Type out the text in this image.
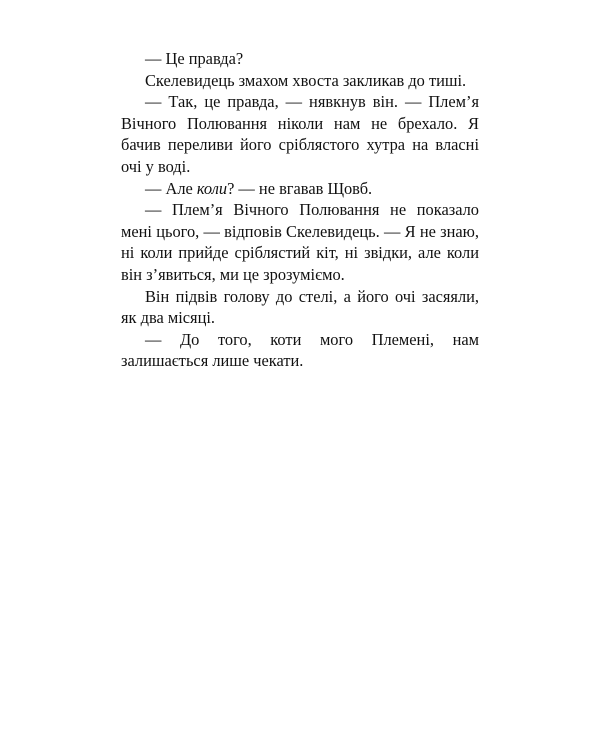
— Це правда?

Скелевидець змахом хвоста закликав до тиші.

— Так, це правда, — нявкнув він. — Плем’я Вічного Полювання ніколи нам не брехало. Я бачив переливи його сріблястого хутра на власні очі у воді.

— Але коли? — не вгавав Щовб.

— Плем’я Вічного Полювання не показало мені цього, — відповів Скелевидець. — Я не знаю, ні коли прийде сріблястий кіт, ні звідки, але коли він з’явиться, ми це зрозуміємо.

Він підвів голову до стелі, а його очі засяяли, як два місяці.

— До того, коти мого Племені, нам залишається лише чекати.
